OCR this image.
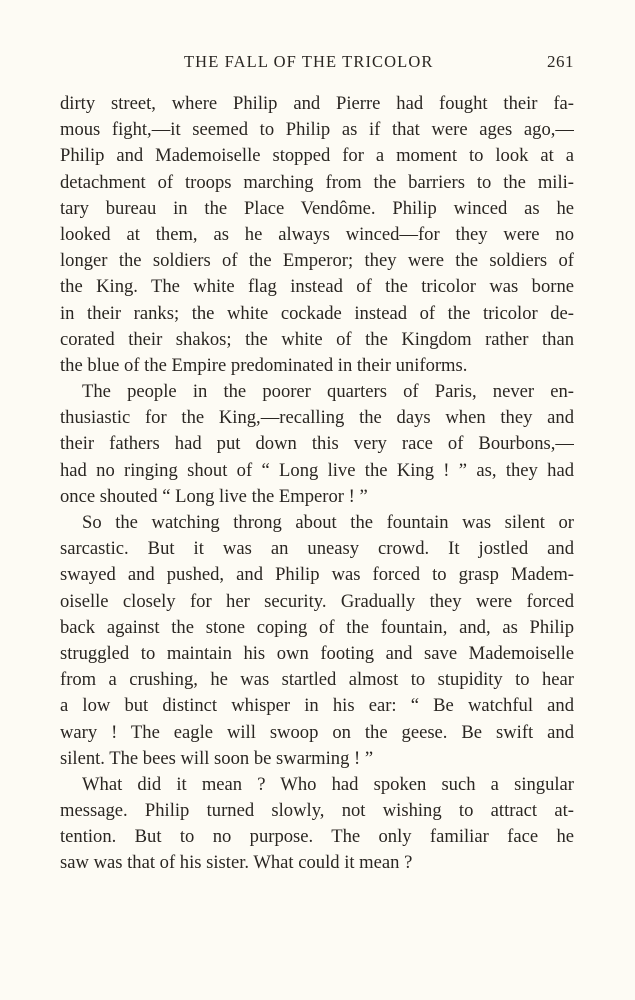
THE FALL OF THE TRICOLOR	261
dirty street, where Philip and Pierre had fought their fa-
mous fight,—it seemed to Philip as if that were ages ago,—
Philip and Mademoiselle stopped for a moment to look at a
detachment of troops marching from the barriers to the mili-
tary bureau in the Place Vendôme. Philip winced as he
looked at them, as he always winced—for they were no
longer the soldiers of the Emperor; they were the soldiers of
the King. The white flag instead of the tricolor was borne
in their ranks; the white cockade instead of the tricolor de-
corated their shakos; the white of the Kingdom rather than
the blue of the Empire predominated in their uniforms.
The people in the poorer quarters of Paris, never en-
thusiastic for the King,—recalling the days when they and
their fathers had put down this very race of Bourbons,—
had no ringing shout of “ Long live the King ! ” as, they had
once shouted “ Long live the Emperor ! ”
So the watching throng about the fountain was silent or
sarcastic. But it was an uneasy crowd. It jostled and
swayed and pushed, and Philip was forced to grasp Madem-
oiselle closely for her security. Gradually they were forced
back against the stone coping of the fountain, and, as Philip
struggled to maintain his own footing and save Mademoiselle
from a crushing, he was startled almost to stupidity to hear
a low but distinct whisper in his ear: “ Be watchful and
wary ! The eagle will swoop on the geese. Be swift and
silent. The bees will soon be swarming ! ”
What did it mean ? Who had spoken such a singular
message. Philip turned slowly, not wishing to attract at-
tention. But to no purpose. The only familiar face he
saw was that of his sister. What could it mean ?
